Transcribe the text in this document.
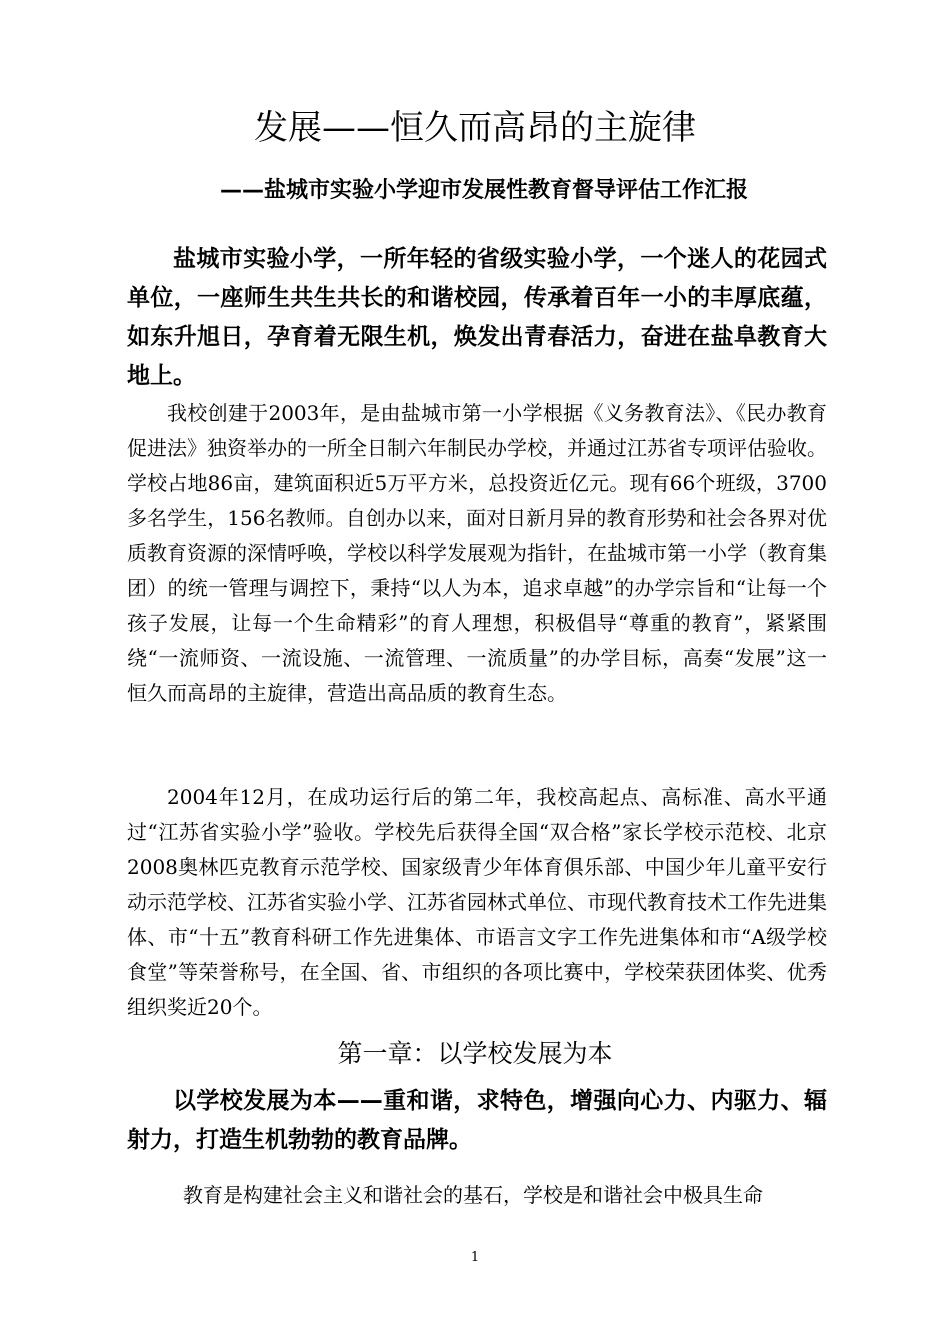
发展——恒久而高昂的主旋律

——盐城市实验小学迎市发展性教育督导评估工作汇报

盐城市实验小学，一所年轻的省级实验小学，一个迷人的花园式单位，一座师生共生共长的和谐校园，传承着百年一小的丰厚底蕴，如东升旭日，孕育着无限生机，焕发出青春活力，奋进在盐阜教育大地上。

我校创建于2003年，是由盐城市第一小学根据《义务教育法》、《民办教育促进法》独资举办的一所全日制六年制民办学校，并通过江苏省专项评估验收。学校占地86亩，建筑面积近5万平方米，总投资近亿元。现有66个班级，3700多名学生，156名教师。自创办以来，面对日新月异的教育形势和社会各界对优质教育资源的深情呼唤，学校以科学发展观为指针，在盐城市第一小学（教育集团）的统一管理与调控下，秉持“以人为本，追求卓越”的办学宗旨和“让每一个孩子发展，让每一个生命精彩”的育人理想，积极倡导“尊重的教育”，紧紧围绕“一流师资、一流设施、一流管理、一流质量”的办学目标，高奏“发展”这一恒久而高昂的主旋律，营造出高品质的教育生态。

2004年12月，在成功运行后的第二年，我校高起点、高标准、高水平通过“江苏省实验小学”验收。学校先后获得全国“双合格”家长学校示范校、北京2008奥林匹克教育示范学校、国家级青少年体育俱乐部、中国少年儿童平安行动示范学校、江苏省实验小学、江苏省园林式单位、市现代教育技术工作先进集体、市“十五”教育科研工作先进集体、市语言文字工作先进集体和市“A级学校食堂”等荣誉称号，在全国、省、市组织的各项比赛中，学校荣获团体奖、优秀组织奖近20个。

第一章：以学校发展为本

以学校发展为本——重和谐，求特色，增强向心力、内驱力、辐射力，打造生机勃勃的教育品牌。

教育是构建社会主义和谐社会的基石，学校是和谐社会中极具生命

1
